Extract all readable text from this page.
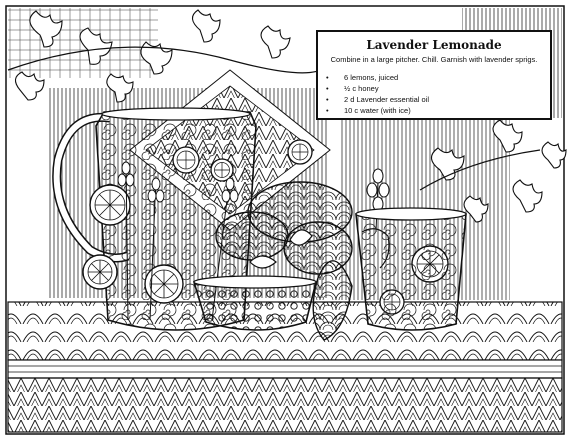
Lavender Lemonade
Combine in a large pitcher. Chill. Garnish with lavender sprigs.
•	6 lemons, juiced
•	½ c honey
•	2 d Lavender essential oil
•	10 c water (with ice)
